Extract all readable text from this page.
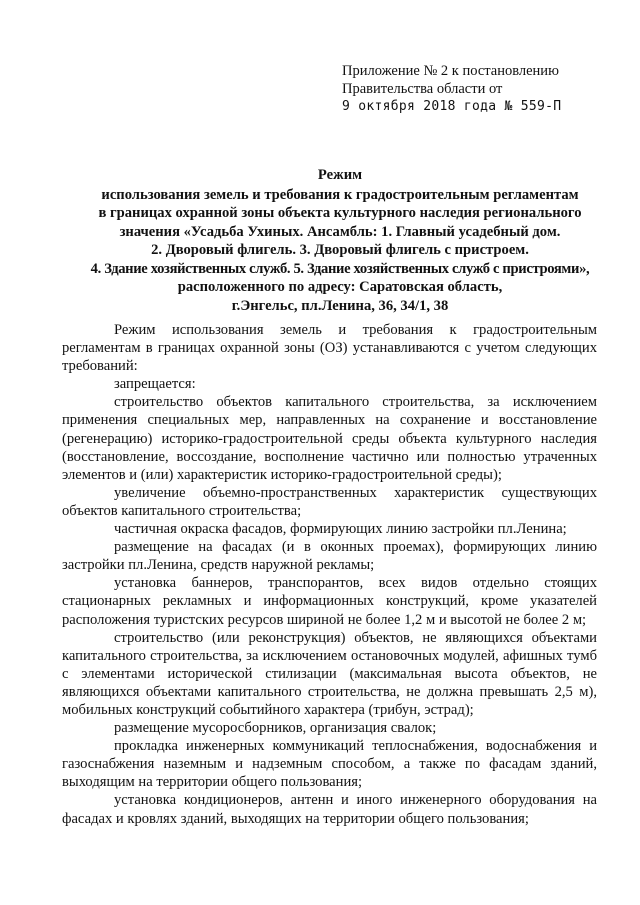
Приложение № 2 к постановлению
Правительства области от
9 октября 2018 года № 559-П
Режим
использования земель и требования к градостроительным регламентам
в границах охранной зоны объекта культурного наследия регионального
значения «Усадьба Ухиных. Ансамбль: 1. Главный усадебный дом.
2. Дворовый флигель. 3. Дворовый флигель с пристроем.
4. Здание хозяйственных служб. 5. Здание хозяйственных служб с пристроями»,
расположенного по адресу: Саратовская область,
г.Энгельс, пл.Ленина, 36, 34/1, 38

Режим использования земель и требования к градостроительным регламентам в границах охранной зоны (ОЗ) устанавливаются с учетом следующих требований:

запрещается:

строительство объектов капитального строительства, за исключением применения специальных мер, направленных на сохранение и восстановление (регенерацию) историко-градостроительной среды объекта культурного наследия (восстановление, воссоздание, восполнение частично или полностью утраченных элементов и (или) характеристик историко-градостроительной среды);

увеличение объемно-пространственных характеристик существующих объектов капитального строительства;

частичная окраска фасадов, формирующих линию застройки пл.Ленина;

размещение на фасадах (и в оконных проемах), формирующих линию застройки пл.Ленина, средств наружной рекламы;

установка баннеров, транспорантов, всех видов отдельно стоящих стационарных рекламных и информационных конструкций, кроме указателей расположения туристских ресурсов шириной не более 1,2 м и высотой не более 2 м;

строительство (или реконструкция) объектов, не являющихся объектами капитального строительства, за исключением остановочных модулей, афишных тумб с элементами исторической стилизации (максимальная высота объектов, не являющихся объектами капитального строительства, не должна превышать 2,5 м), мобильных конструкций событийного характера (трибун, эстрад);

размещение мусоросборников, организация свалок;

прокладка инженерных коммуникаций теплоснабжения, водоснабжения и газоснабжения наземным и надземным способом, а также по фасадам зданий, выходящим на территории общего пользования;

установка кондиционеров, антенн и иного инженерного оборудования на фасадах и кровлях зданий, выходящих на территории общего пользования;
